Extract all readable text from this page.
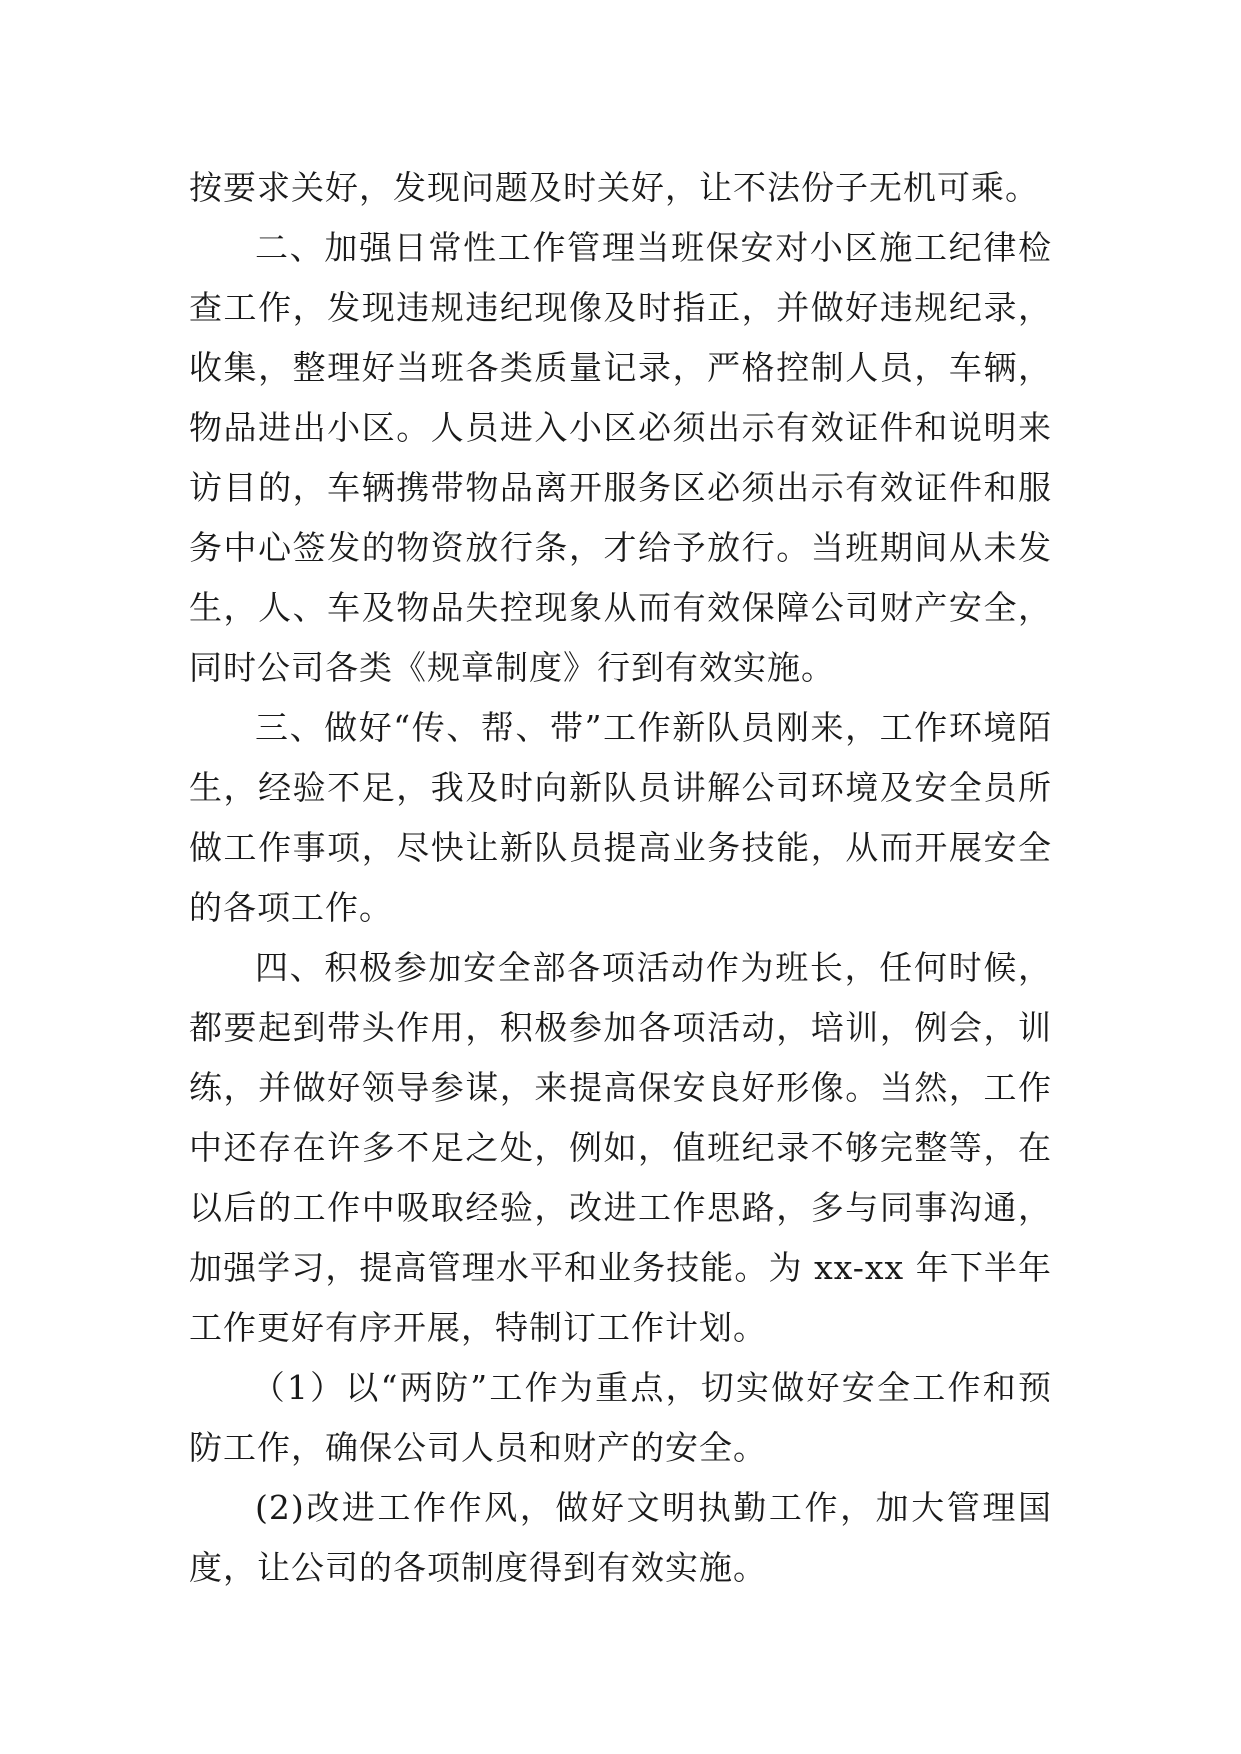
按要求关好，发现问题及时关好，让不法份子无机可乘。

二、加强日常性工作管理当班保安对小区施工纪律检查工作，发现违规违纪现像及时指正，并做好违规纪录，收集，整理好当班各类质量记录，严格控制人员，车辆，物品进出小区。人员进入小区必须出示有效证件和说明来访目的，车辆携带物品离开服务区必须出示有效证件和服务中心签发的物资放行条，才给予放行。当班期间从未发生，人、车及物品失控现象从而有效保障公司财产安全，同时公司各类《规章制度》行到有效实施。

三、做好“传、帮、带”工作新队员刚来，工作环境陌生，经验不足，我及时向新队员讲解公司环境及安全员所做工作事项，尽快让新队员提高业务技能，从而开展安全的各项工作。

四、积极参加安全部各项活动作为班长，任何时候，都要起到带头作用，积极参加各项活动，培训，例会，训练，并做好领导参谋，来提高保安良好形像。当然，工作中还存在许多不足之处，例如，值班纪录不够完整等，在以后的工作中吸取经验，改进工作思路，多与同事沟通，加强学习，提高管理水平和业务技能。为 xx-xx 年下半年工作更好有序开展，特制订工作计划。

（1）以“两防”工作为重点，切实做好安全工作和预防工作，确保公司人员和财产的安全。

(2)改进工作作风，做好文明执勤工作，加大管理国度，让公司的各项制度得到有效实施。
